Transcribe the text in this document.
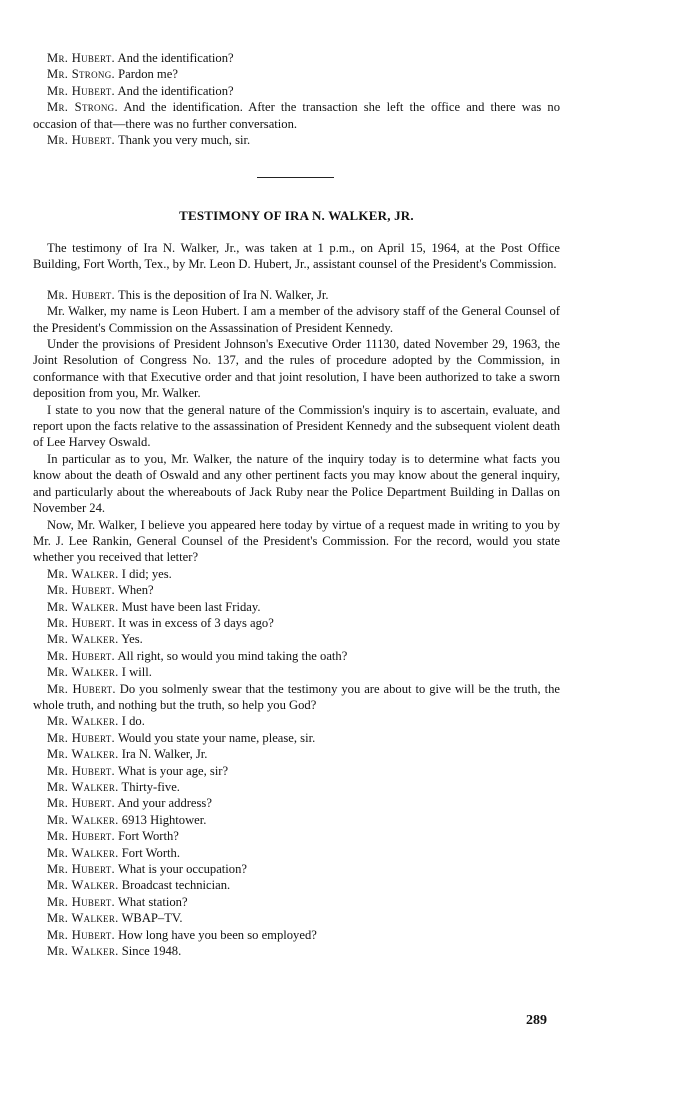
Mr. Hubert. And the identification?

Mr. Strong. Pardon me?

Mr. Hubert. And the identification?

Mr. Strong. And the identification. After the transaction she left the office and there was no occasion of that—there was no further conversation.

Mr. Hubert. Thank you very much, sir.

TESTIMONY OF IRA N. WALKER, JR.

The testimony of Ira N. Walker, Jr., was taken at 1 p.m., on April 15, 1964, at the Post Office Building, Fort Worth, Tex., by Mr. Leon D. Hubert, Jr., assistant counsel of the President's Commission.

Mr. Hubert. This is the deposition of Ira N. Walker, Jr.

Mr. Walker, my name is Leon Hubert. I am a member of the advisory staff of the General Counsel of the President's Commission on the Assassination of President Kennedy.

Under the provisions of President Johnson's Executive Order 11130, dated November 29, 1963, the Joint Resolution of Congress No. 137, and the rules of procedure adopted by the Commission, in conformance with that Executive order and that joint resolution, I have been authorized to take a sworn deposition from you, Mr. Walker.

I state to you now that the general nature of the Commission's inquiry is to ascertain, evaluate, and report upon the facts relative to the assassination of President Kennedy and the subsequent violent death of Lee Harvey Oswald.

In particular as to you, Mr. Walker, the nature of the inquiry today is to determine what facts you know about the death of Oswald and any other pertinent facts you may know about the general inquiry, and particularly about the whereabouts of Jack Ruby near the Police Department Building in Dallas on November 24.

Now, Mr. Walker, I believe you appeared here today by virtue of a request made in writing to you by Mr. J. Lee Rankin, General Counsel of the President's Commission. For the record, would you state whether you received that letter?

Mr. Walker. I did; yes.

Mr. Hubert. When?

Mr. Walker. Must have been last Friday.

Mr. Hubert. It was in excess of 3 days ago?

Mr. Walker. Yes.

Mr. Hubert. All right, so would you mind taking the oath?

Mr. Walker. I will.

Mr. Hubert. Do you solmenly swear that the testimony you are about to give will be the truth, the whole truth, and nothing but the truth, so help you God?

Mr. Walker. I do.

Mr. Hubert. Would you state your name, please, sir.

Mr. Walker. Ira N. Walker, Jr.

Mr. Hubert. What is your age, sir?

Mr. Walker. Thirty-five.

Mr. Hubert. And your address?

Mr. Walker. 6913 Hightower.

Mr. Hubert. Fort Worth?

Mr. Walker. Fort Worth.

Mr. Hubert. What is your occupation?

Mr. Walker. Broadcast technician.

Mr. Hubert. What station?

Mr. Walker. WBAP–TV.

Mr. Hubert. How long have you been so employed?

Mr. Walker. Since 1948.

289
